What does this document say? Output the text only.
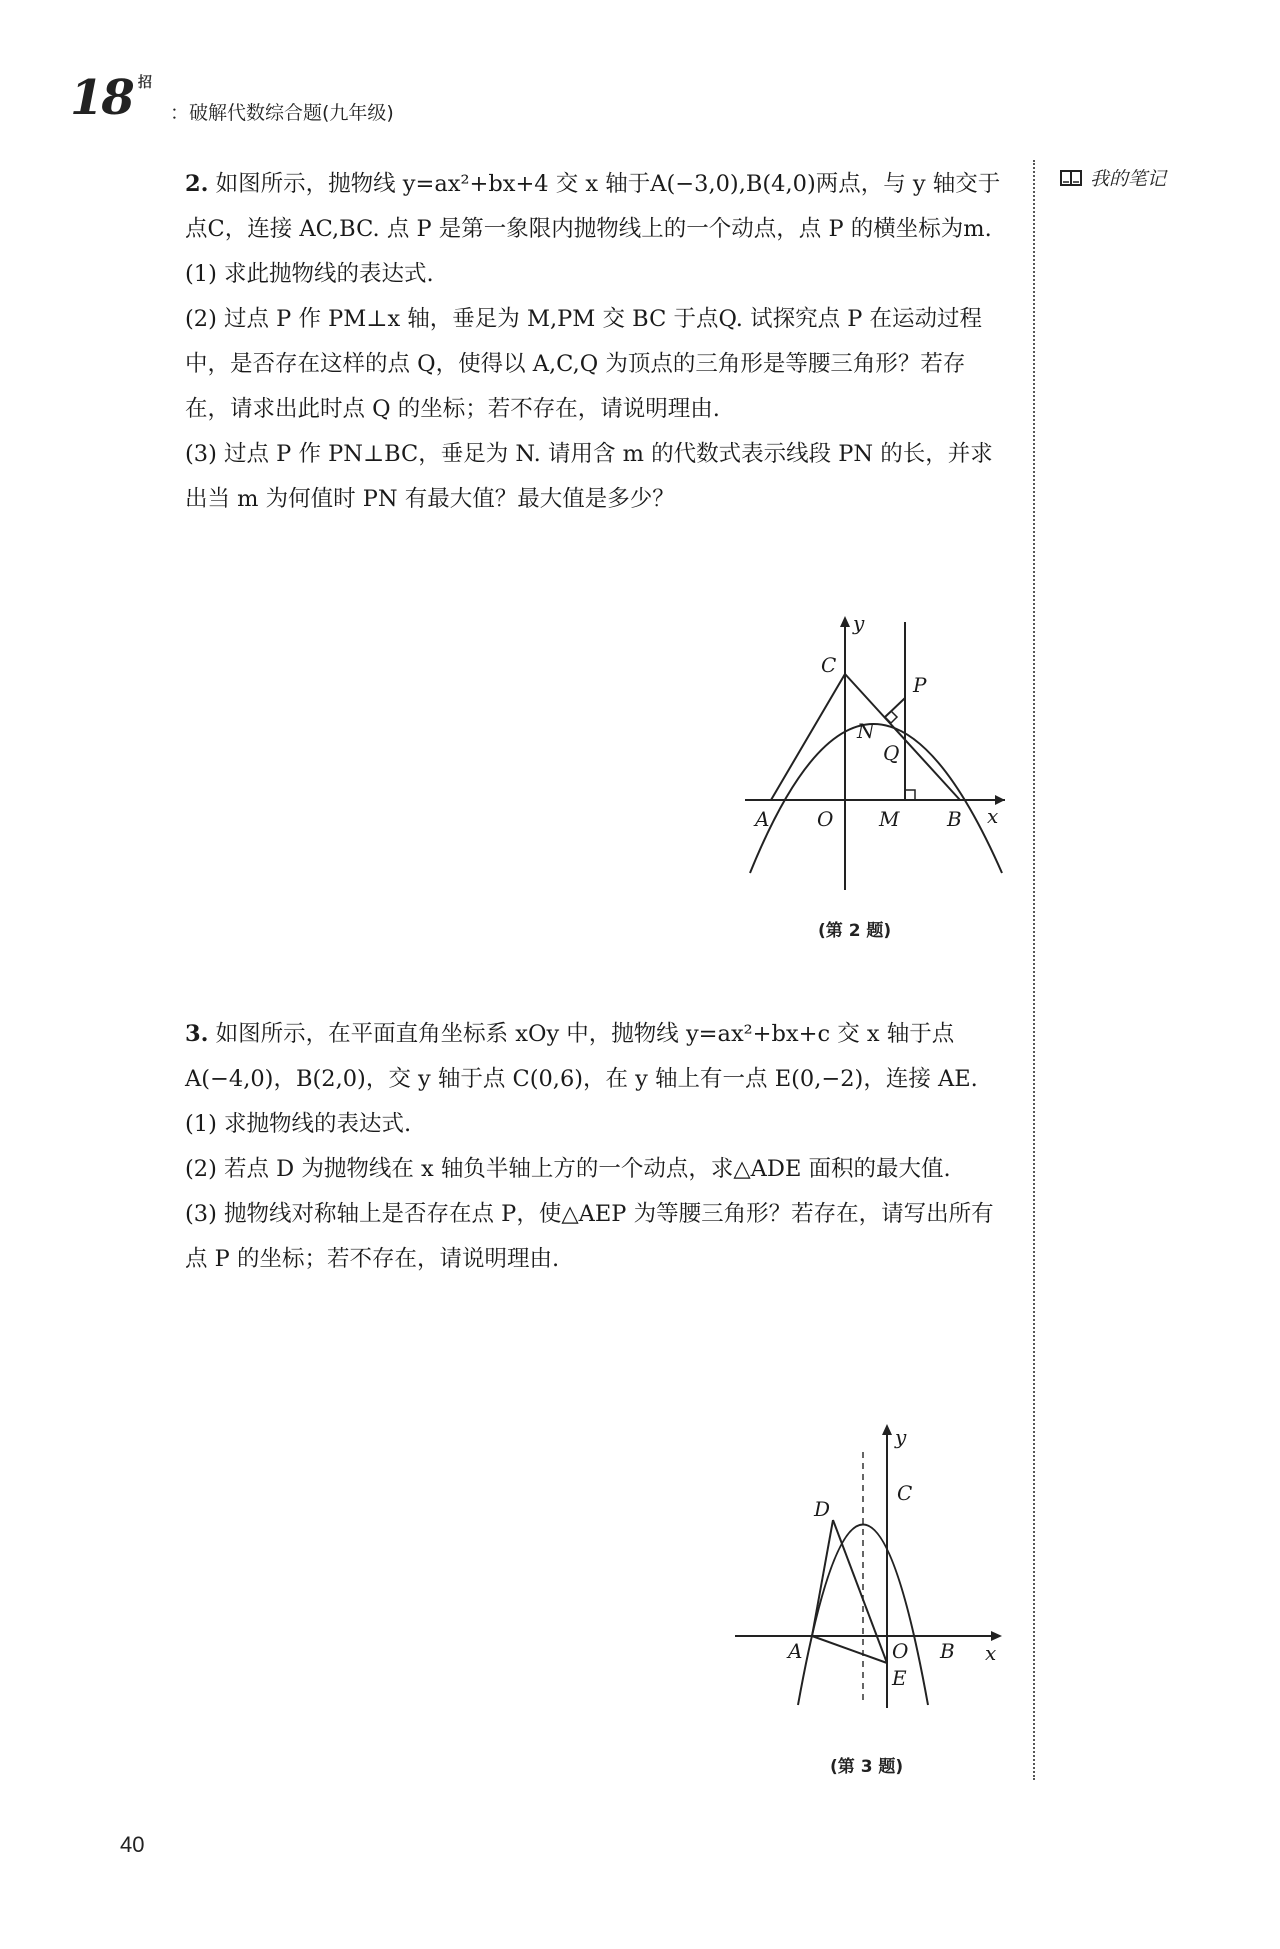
18 招
：破解代数综合题(九年级)
我的笔记

2. 如图所示，抛物线 y=ax²+bx+4 交 x 轴于A(−3,0),B(4,0)两点，与 y 轴交于点C，连接 AC,BC. 点 P 是第一象限内抛物线上的一个动点，点 P 的横坐标为m.

(1) 求此抛物线的表达式.

(2) 过点 P 作 PM⊥x 轴，垂足为 M,PM 交 BC 于点Q. 试探究点 P 在运动过程中，是否存在这样的点 Q，使得以 A,C,Q 为顶点的三角形是等腰三角形？若存在，请求出此时点 Q 的坐标；若不存在，请说明理由.

(3) 过点 P 作 PN⊥BC，垂足为 N. 请用含 m 的代数式表示线段 PN 的长，并求出当 m 为何值时 PN 有最大值？最大值是多少？

y
x
C
P
N
Q
A O M B
(第 2 题)

3. 如图所示，在平面直角坐标系 xOy 中，抛物线 y=ax²+bx+c 交 x 轴于点 A(−4,0)，B(2,0)，交 y 轴于点 C(0,6)，在 y 轴上有一点 E(0,−2)，连接 AE.

(1) 求抛物线的表达式.

(2) 若点 D 为抛物线在 x 轴负半轴上方的一个动点，求△ADE 面积的最大值.

(3) 抛物线对称轴上是否存在点 P，使△AEP 为等腰三角形？若存在，请写出所有点 P 的坐标；若不存在，请说明理由.

y
x
C
D
A	O B
E
(第 3 题)
40
